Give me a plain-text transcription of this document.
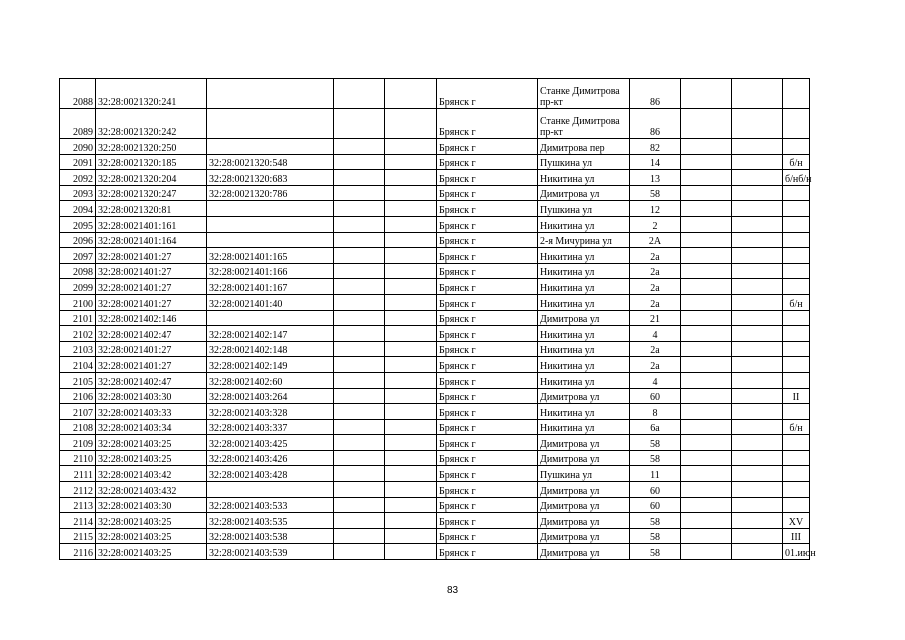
2088	32:28:0021320:241				Брянск г	Станке Димитрова пр-кт	86			
2089	32:28:0021320:242				Брянск г	Станке Димитрова пр-кт	86			
2090	32:28:0021320:250				Брянск г	Димитрова пер	82			
2091	32:28:0021320:185	32:28:0021320:548			Брянск г	Пушкина ул	14			б/н
2092	32:28:0021320:204	32:28:0021320:683			Брянск г	Никитина ул	13			б/нб/н
2093	32:28:0021320:247	32:28:0021320:786			Брянск г	Димитрова ул	58			
2094	32:28:0021320:81				Брянск г	Пушкина ул	12			
2095	32:28:0021401:161				Брянск г	Никитина ул	2			
2096	32:28:0021401:164				Брянск г	2-я Мичурина ул	2А			
2097	32:28:0021401:27	32:28:0021401:165			Брянск г	Никитина ул	2а			
2098	32:28:0021401:27	32:28:0021401:166			Брянск г	Никитина ул	2а			
2099	32:28:0021401:27	32:28:0021401:167			Брянск г	Никитина ул	2а			
2100	32:28:0021401:27	32:28:0021401:40			Брянск г	Никитина ул	2а			б/н
2101	32:28:0021402:146				Брянск г	Димитрова ул	21			
2102	32:28:0021402:47	32:28:0021402:147			Брянск г	Никитина ул	4			
2103	32:28:0021401:27	32:28:0021402:148			Брянск г	Никитина ул	2а			
2104	32:28:0021401:27	32:28:0021402:149			Брянск г	Никитина ул	2а			
2105	32:28:0021402:47	32:28:0021402:60			Брянск г	Никитина ул	4			
2106	32:28:0021403:30	32:28:0021403:264			Брянск г	Димитрова ул	60			II
2107	32:28:0021403:33	32:28:0021403:328			Брянск г	Никитина ул	8			
2108	32:28:0021403:34	32:28:0021403:337			Брянск г	Никитина ул	6а			б/н
2109	32:28:0021403:25	32:28:0021403:425			Брянск г	Димитрова ул	58			
2110	32:28:0021403:25	32:28:0021403:426			Брянск г	Димитрова ул	58			
2111	32:28:0021403:42	32:28:0021403:428			Брянск г	Пушкина ул	11			
2112	32:28:0021403:432				Брянск г	Димитрова ул	60			
2113	32:28:0021403:30	32:28:0021403:533			Брянск г	Димитрова ул	60			
2114	32:28:0021403:25	32:28:0021403:535			Брянск г	Димитрова ул	58			XV
2115	32:28:0021403:25	32:28:0021403:538			Брянск г	Димитрова ул	58			III
2116	32:28:0021403:25	32:28:0021403:539			Брянск г	Димитрова ул	58			01.июн
83
